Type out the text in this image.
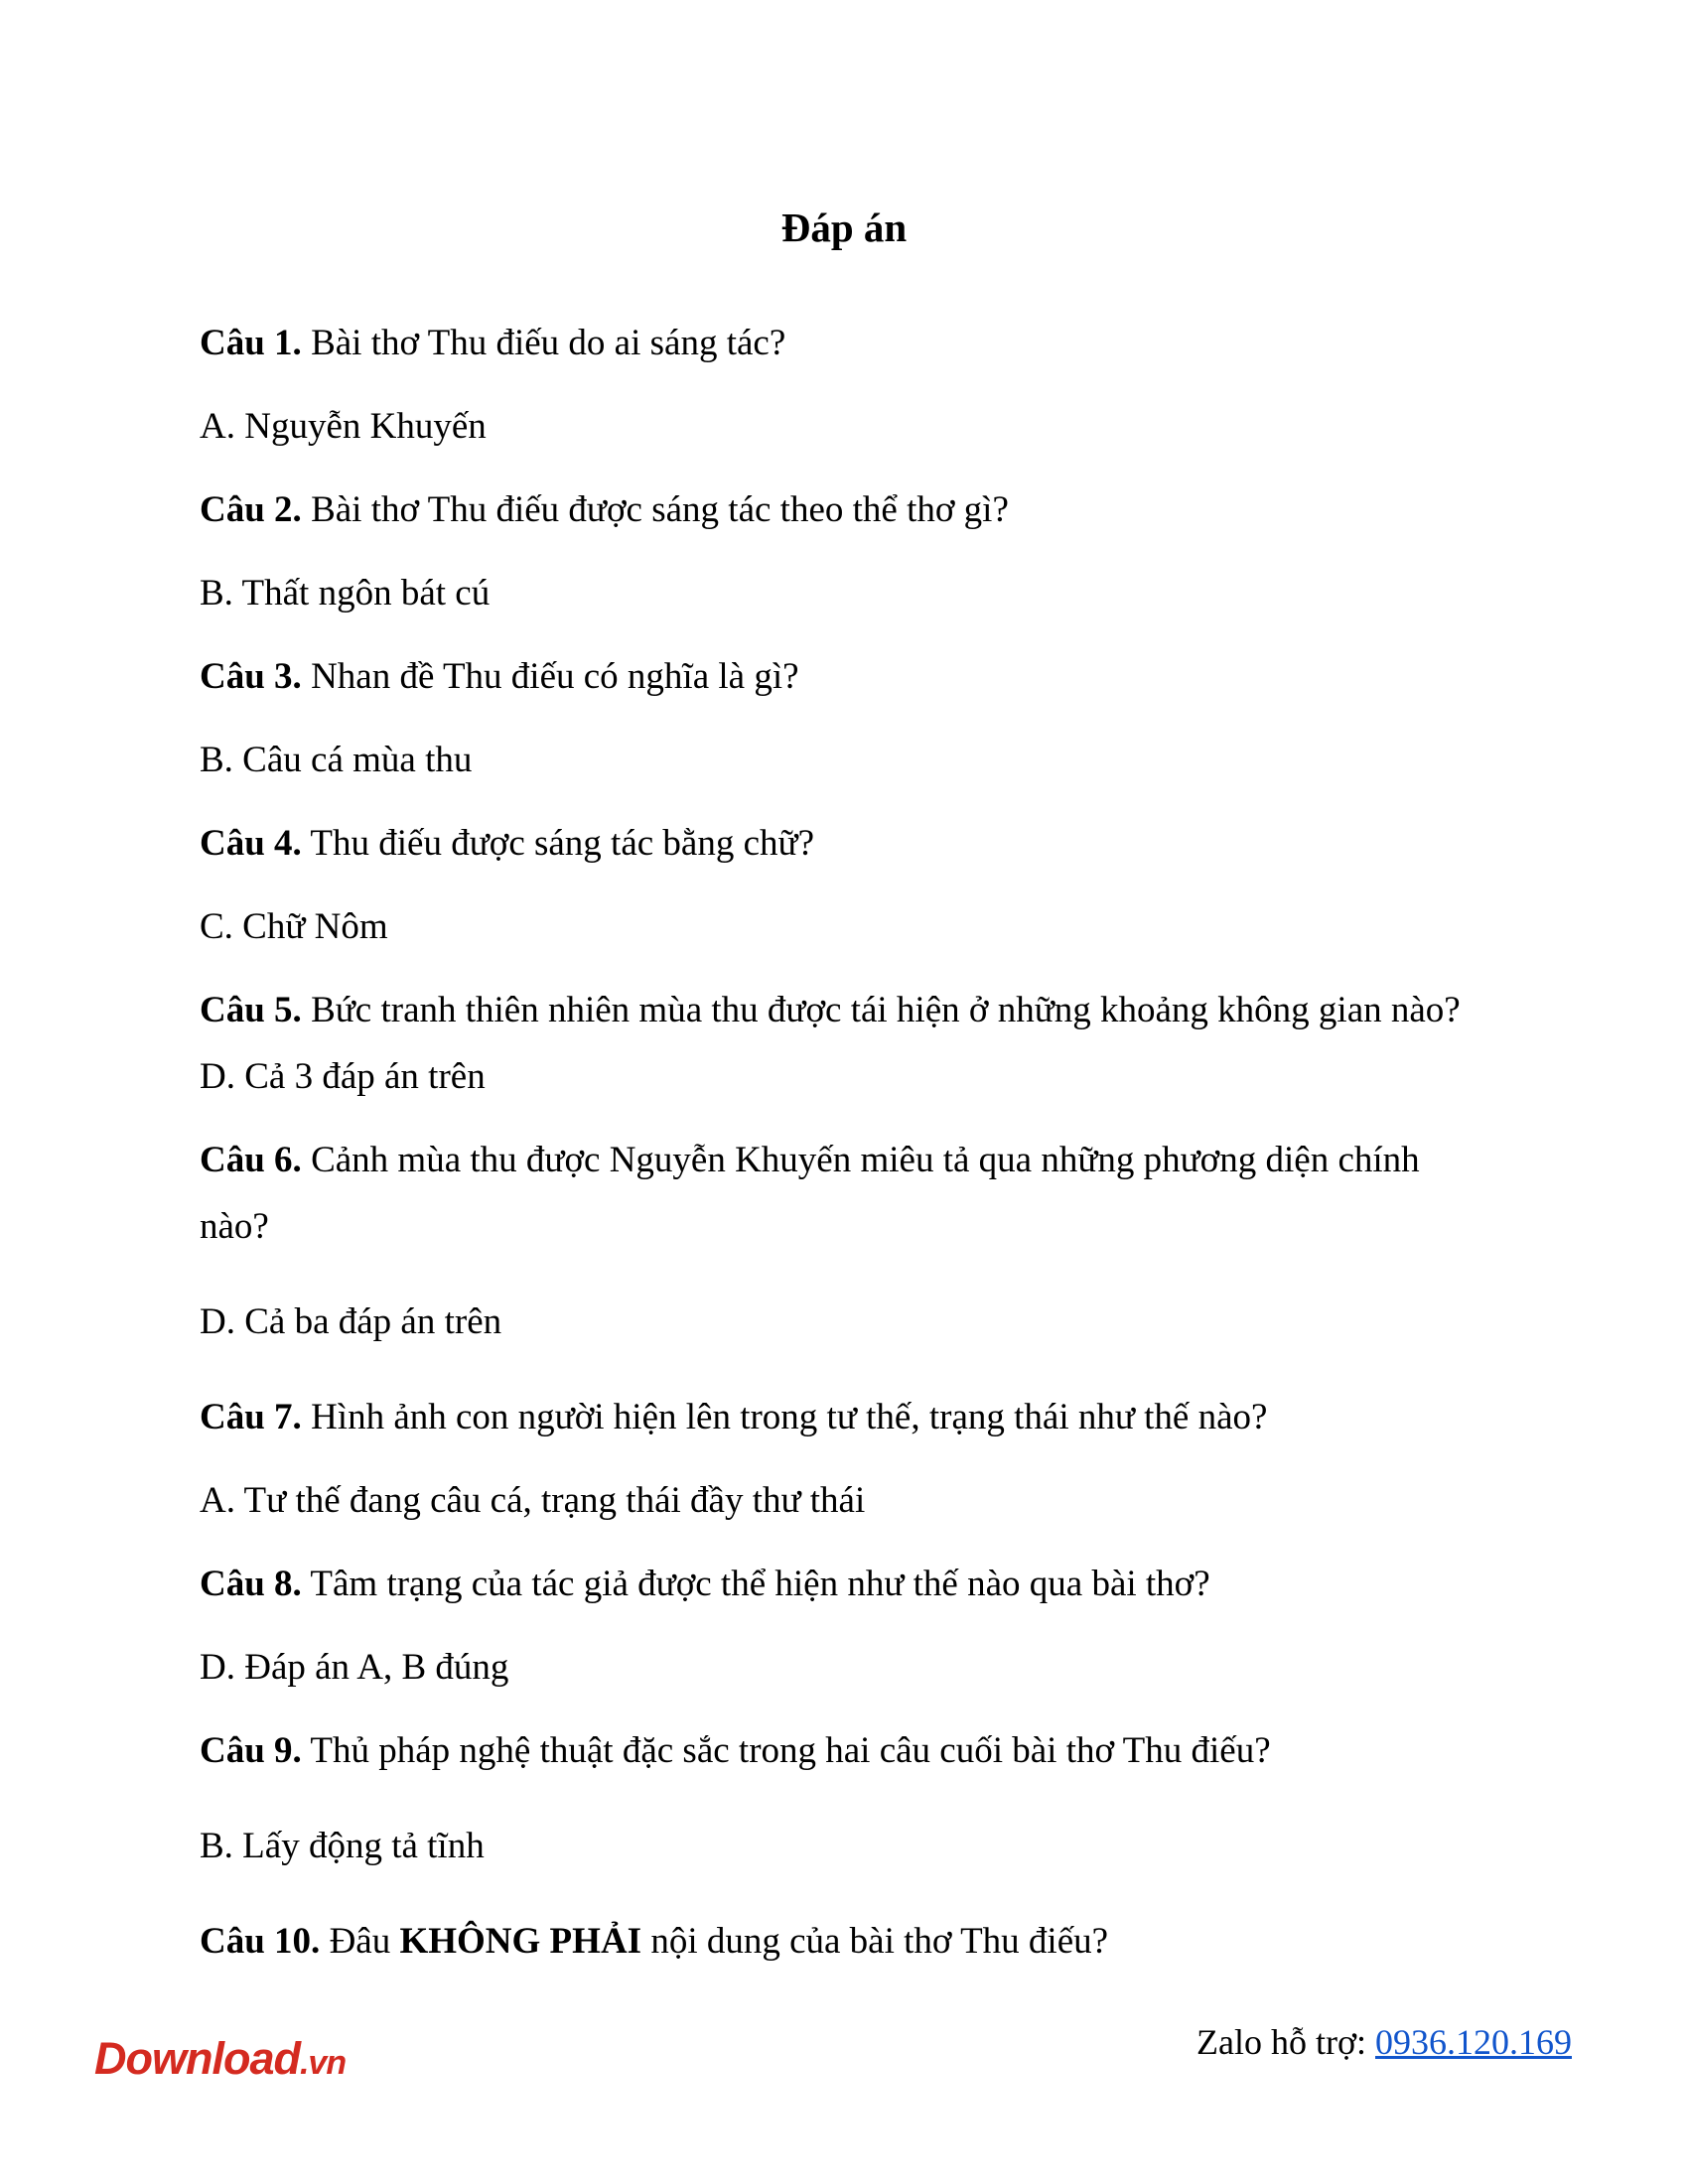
Đáp án
Câu 1. Bài thơ Thu điếu do ai sáng tác?
A. Nguyễn Khuyến
Câu 2. Bài thơ Thu điếu được sáng tác theo thể thơ gì?
B. Thất ngôn bát cú
Câu 3. Nhan đề Thu điếu có nghĩa là gì?
B. Câu cá mùa thu
Câu 4. Thu điếu được sáng tác bằng chữ?
C. Chữ Nôm
Câu 5. Bức tranh thiên nhiên mùa thu được tái hiện ở những khoảng không gian nào?
D. Cả 3 đáp án trên
Câu 6. Cảnh mùa thu được Nguyễn Khuyến miêu tả qua những phương diện chính
nào?
D. Cả ba đáp án trên
Câu 7. Hình ảnh con người hiện lên trong tư thế, trạng thái như thế nào?
A. Tư thế đang câu cá, trạng thái đầy thư thái
Câu 8. Tâm trạng của tác giả được thể hiện như thế nào qua bài thơ?
D. Đáp án A, B đúng
Câu 9. Thủ pháp nghệ thuật đặc sắc trong hai câu cuối bài thơ Thu điếu?
B. Lấy động tả tĩnh
Câu 10. Đâu KHÔNG PHẢI nội dung của bài thơ Thu điếu?
Download.vn
Zalo hỗ trợ: 0936.120.169
